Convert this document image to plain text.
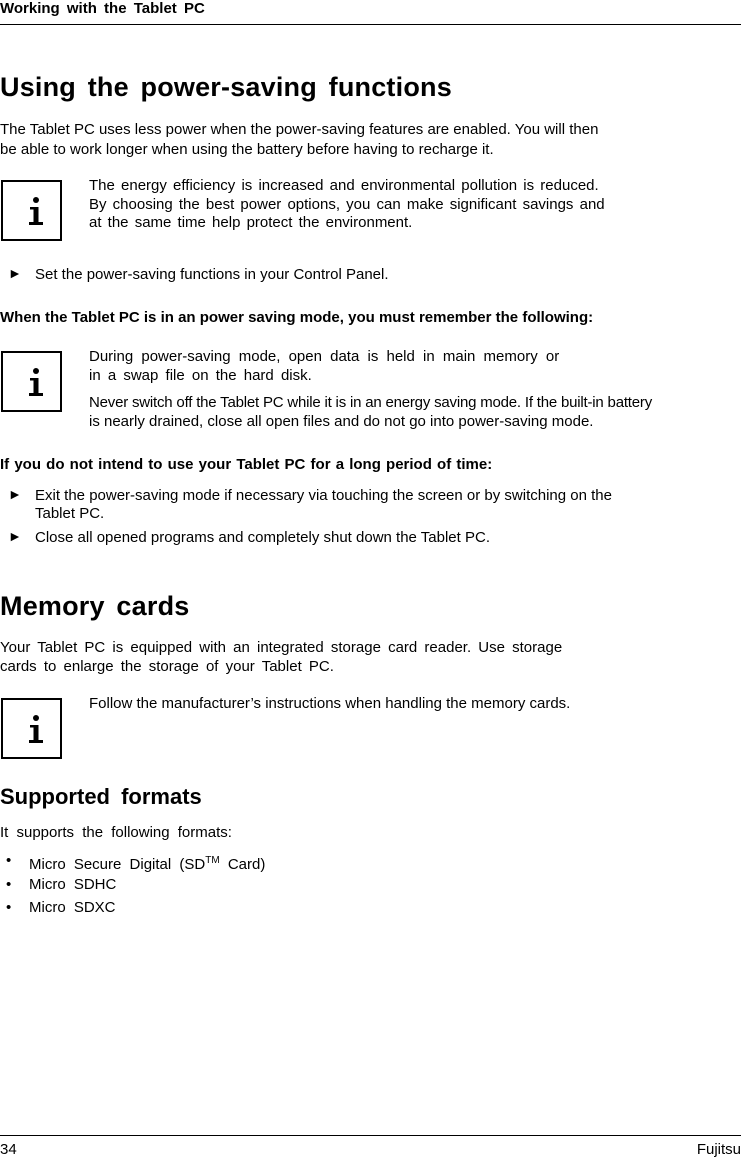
Working with the Tablet PC
Using the power-saving functions
The Tablet PC uses less power when the power-saving features are enabled. You will then
be able to work longer when using the battery before having to recharge it.
The energy efficiency is increased and environmental pollution is reduced.
By choosing the best power options, you can make significant savings and
at the same time help protect the environment.
► Set the power-saving functions in your Control Panel.
When the Tablet PC is in an power saving mode, you must remember the following:
During power-saving mode, open data is held in main memory or
in a swap file on the hard disk.
Never switch off the Tablet PC while it is in an energy saving mode. If the built-in battery
is nearly drained, close all open files and do not go into power-saving mode.
If you do not intend to use your Tablet PC for a long period of time:
► Exit the power-saving mode if necessary via touching the screen or by switching on the
Tablet PC.
► Close all opened programs and completely shut down the Tablet PC.
Memory cards
Your Tablet PC is equipped with an integrated storage card reader. Use storage
cards to enlarge the storage of your Tablet PC.
Follow the manufacturer’s instructions when handling the memory cards.
Supported formats
It supports the following formats:
• Micro Secure Digital (SD™ Card)
• Micro SDHC
• Micro SDXC
34	Fujitsu
